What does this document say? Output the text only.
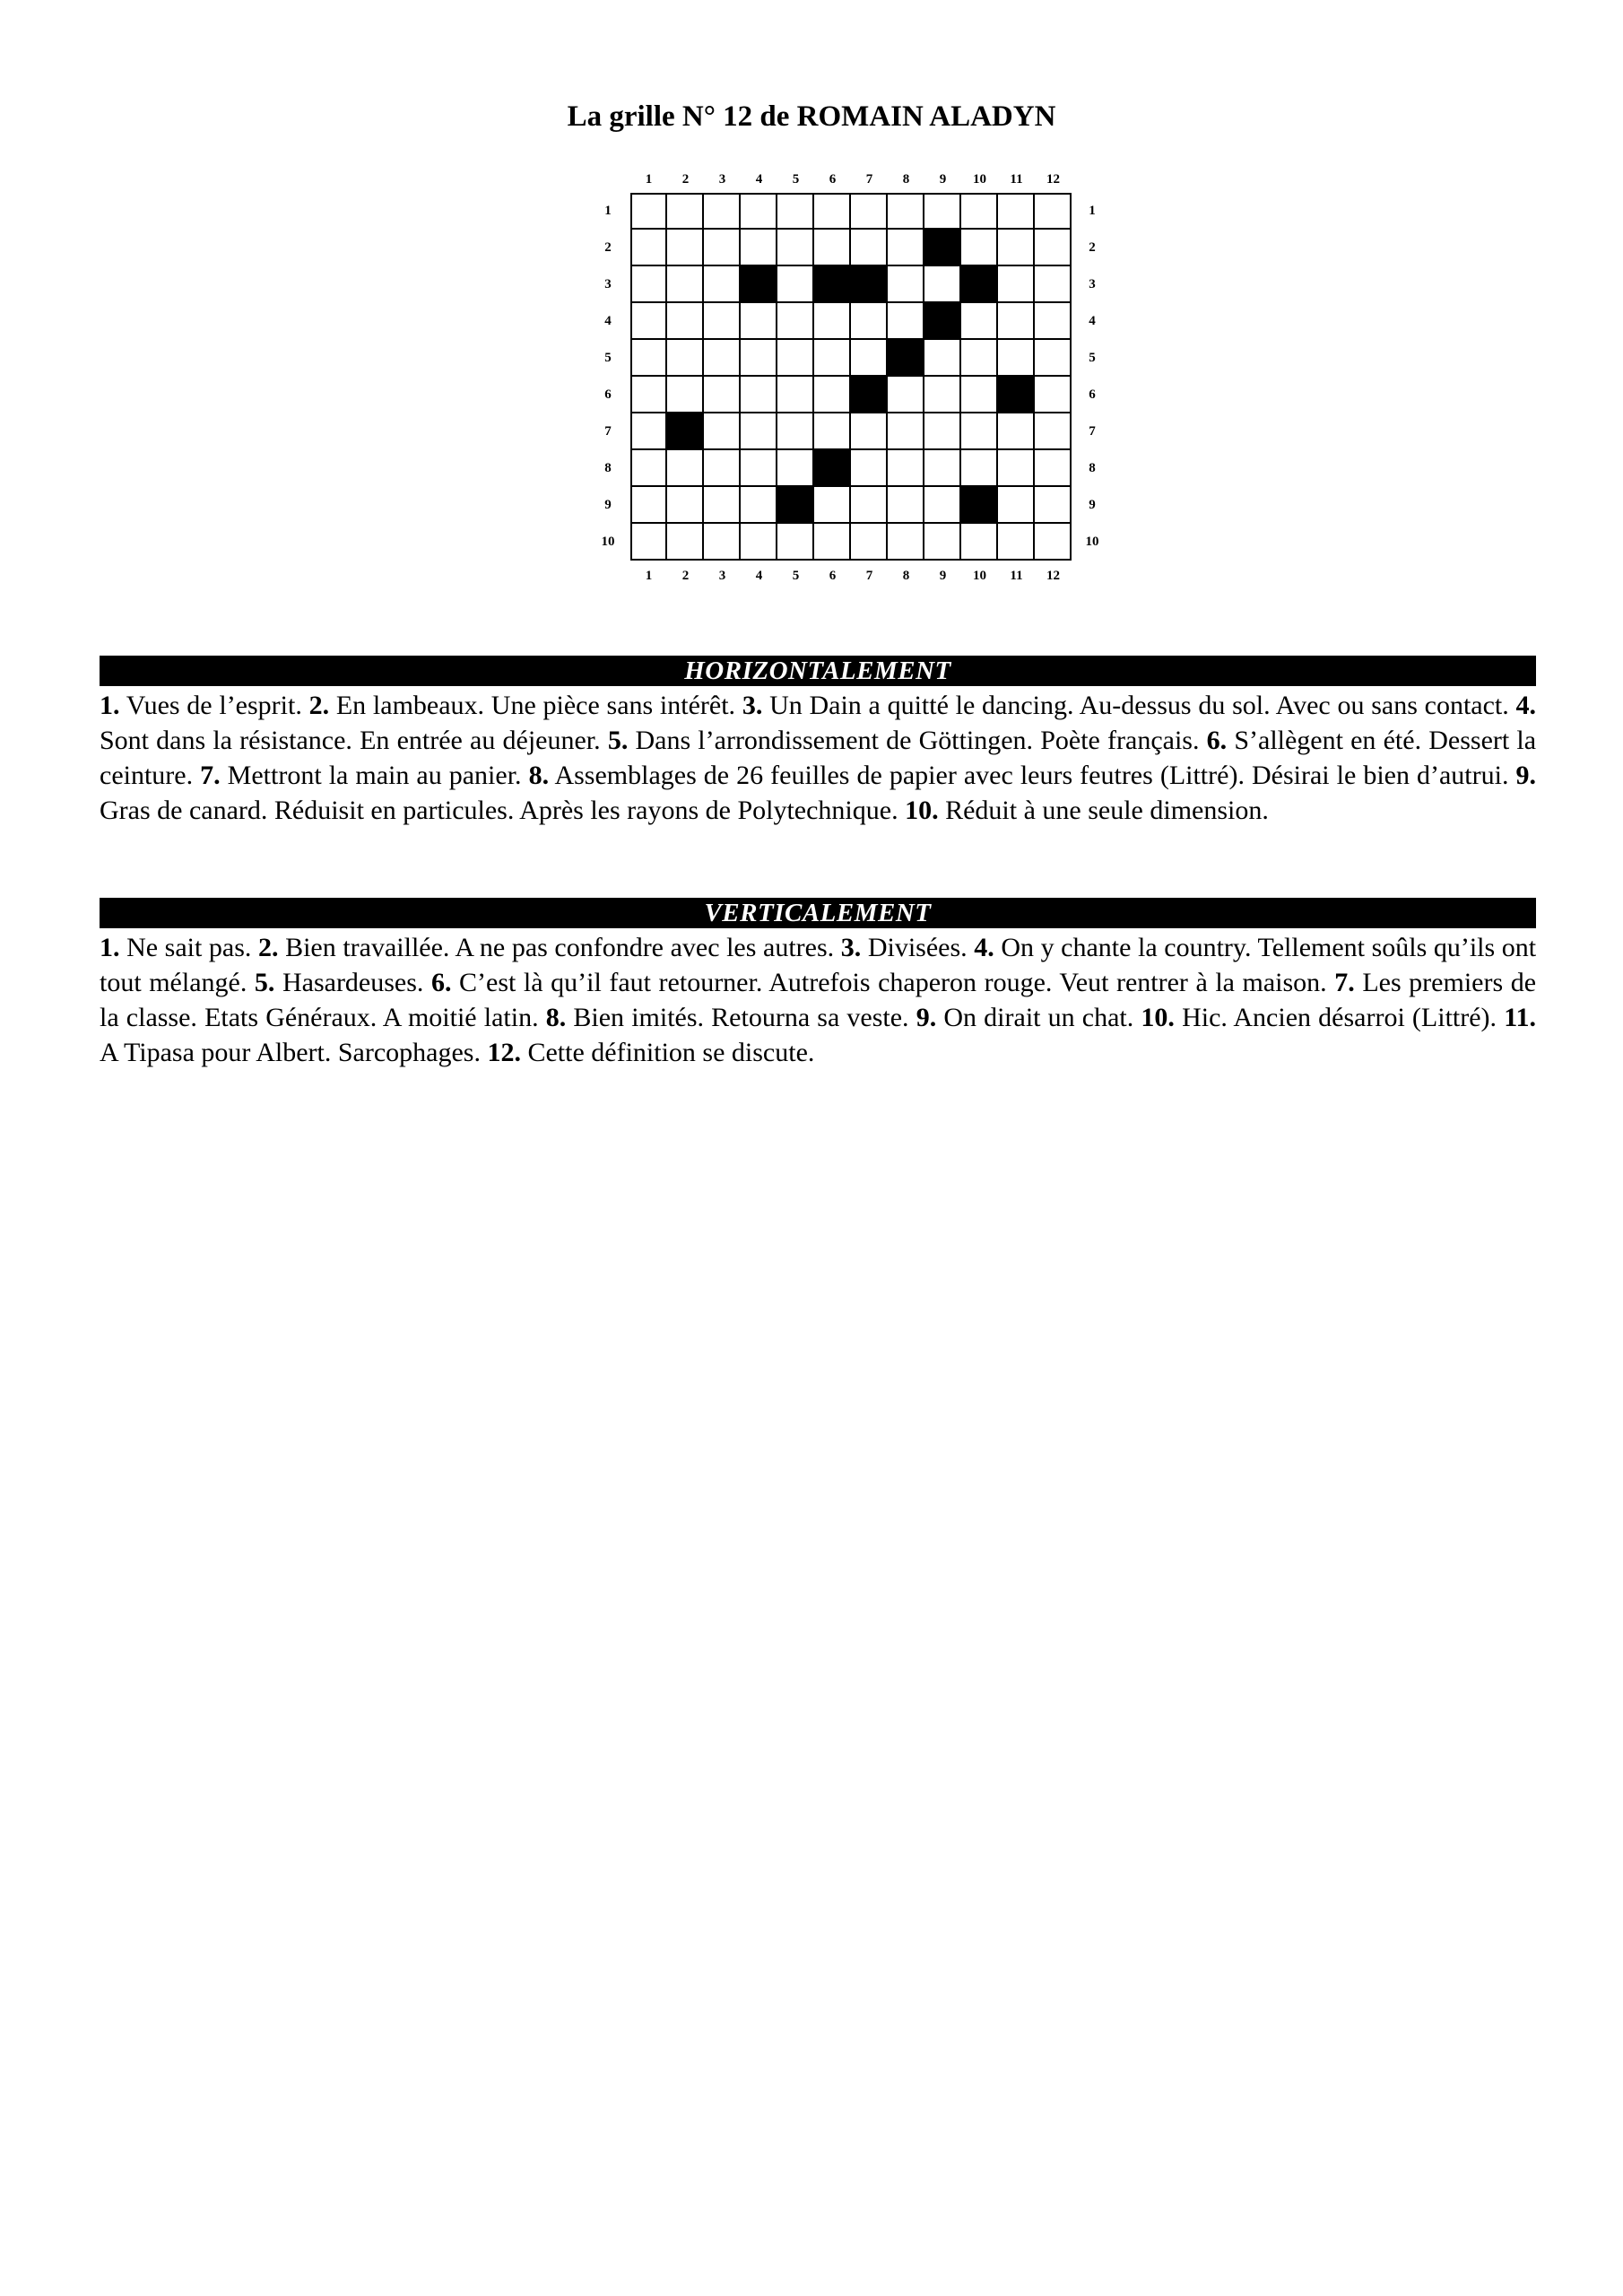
La grille N° 12 de ROMAIN ALADYN
1
1
2
2
3
3
4
4
5
5
6
6
7
7
8
8
9
9
10
10
11
11
12
12
1	1
2	2
3	3
4	4
5	5
6	6
7	7
8	8
9	9
10	10
HORIZONTALEMENT
1. Vues de l’esprit. 2. En lambeaux. Une pièce sans intérêt. 3. Un Dain a quitté le dancing. Au-dessus du sol. Avec ou sans contact. 4. Sont dans la résistance. En entrée au déjeuner. 5. Dans l’arrondissement de Göttingen. Poète français. 6. S’allègent en été. Dessert la ceinture. 7. Mettront la main au panier. 8. Assemblages de 26 feuilles de papier avec leurs feutres (Littré). Désirai le bien d’autrui. 9. Gras de canard. Réduisit en particules. Après les rayons de Polytechnique. 10. Réduit à une seule dimension.
VERTICALEMENT
1. Ne sait pas. 2. Bien travaillée. A ne pas confondre avec les autres. 3. Divisées. 4. On y chante la country. Tellement soûls qu’ils ont tout mélangé. 5. Hasardeuses. 6. C’est là qu’il faut retourner. Autrefois chaperon rouge. Veut rentrer à la maison. 7. Les premiers de la classe. Etats Généraux. A moitié latin. 8. Bien imités. Retourna sa veste. 9. On dirait un chat. 10. Hic. Ancien désarroi (Littré). 11. A Tipasa pour Albert. Sarcophages. 12. Cette définition se discute.
